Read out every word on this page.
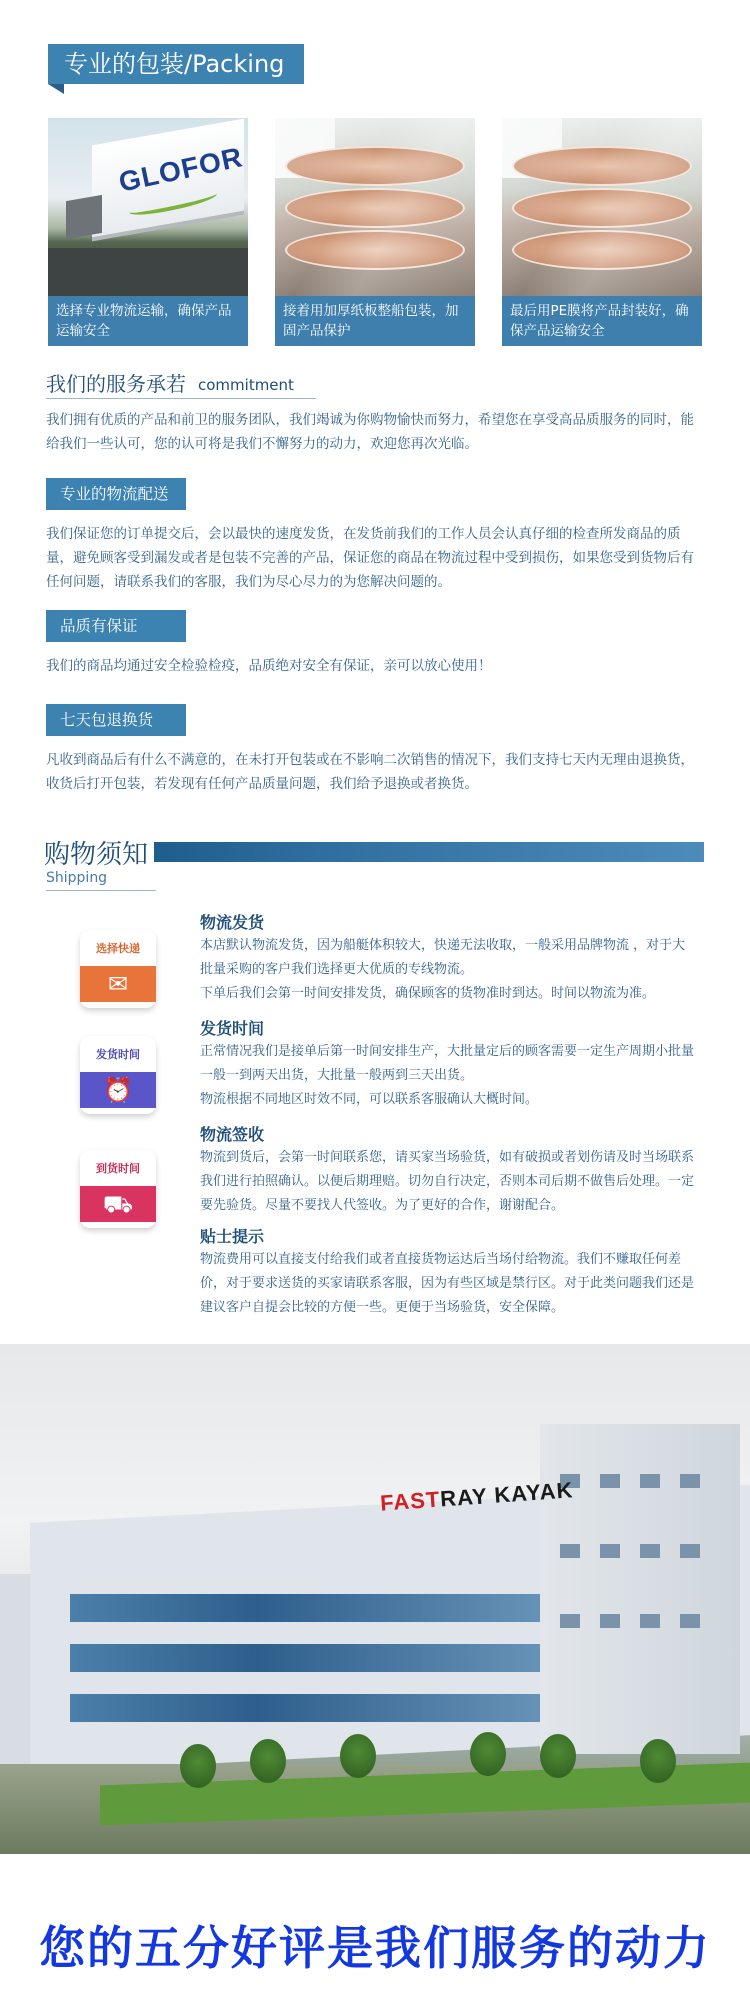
专业的包装/Packing
GLOFOR
选择专业物流运输，确保产品运输安全
接着用加厚纸板整船包装，加固产品保护
最后用PE膜将产品封装好，确保产品运输安全
我们的服务承若 commitment
我们拥有优质的产品和前卫的服务团队，我们竭诚为你购物愉快而努力，希望您在享受高品质服务的同时，能给我们一些认可，您的认可将是我们不懈努力的动力，欢迎您再次光临。
专业的物流配送
我们保证您的订单提交后，会以最快的速度发货，在发货前我们的工作人员会认真仔细的检查所发商品的质量，避免顾客受到漏发或者是包装不完善的产品，保证您的商品在物流过程中受到损伤，如果您受到货物后有任何问题，请联系我们的客服，我们为尽心尽力的为您解决问题的。
品质有保证
我们的商品均通过安全检验检疫，品质绝对安全有保证，亲可以放心使用！
七天包退换货
凡收到商品后有什么不满意的，在未打开包装或在不影响二次销售的情况下，我们支持七天内无理由退换货，收货后打开包装，若发现有任何产品质量问题，我们给予退换或者换货。
购物须知
Shipping
选择快递
✉
发货时间
⏰
到货时间
⛟
物流发货
本店默认物流发货，因为船艇体积较大，快递无法收取，一般采用品牌物流 ，对于大批量采购的客户我们选择更大优质的专线物流。
下单后我们会第一时间安排发货，确保顾客的货物准时到达。时间以物流为准。
发货时间
正常情况我们是接单后第一时间安排生产，大批量定后的顾客需要一定生产周期小批量一般一到两天出货，大批量一般两到三天出货。
物流根据不同地区时效不同，可以联系客服确认大概时间。
物流签收
物流到货后，会第一时间联系您，请买家当场验货，如有破损或者划伤请及时当场联系我们进行拍照确认。以便后期理赔。切勿自行决定，否则本司后期不做售后处理。一定要先验货。尽量不要找人代签收。为了更好的合作，谢谢配合。
贴士提示
物流费用可以直接支付给我们或者直接货物运达后当场付给物流。我们不赚取任何差价，对于要求送货的买家请联系客服，因为有些区域是禁行区。对于此类问题我们还是建议客户自提会比较的方便一些。更便于当场验货，安全保障。
FASTRAY KAYAK
您的五分好评是我们服务的动力
